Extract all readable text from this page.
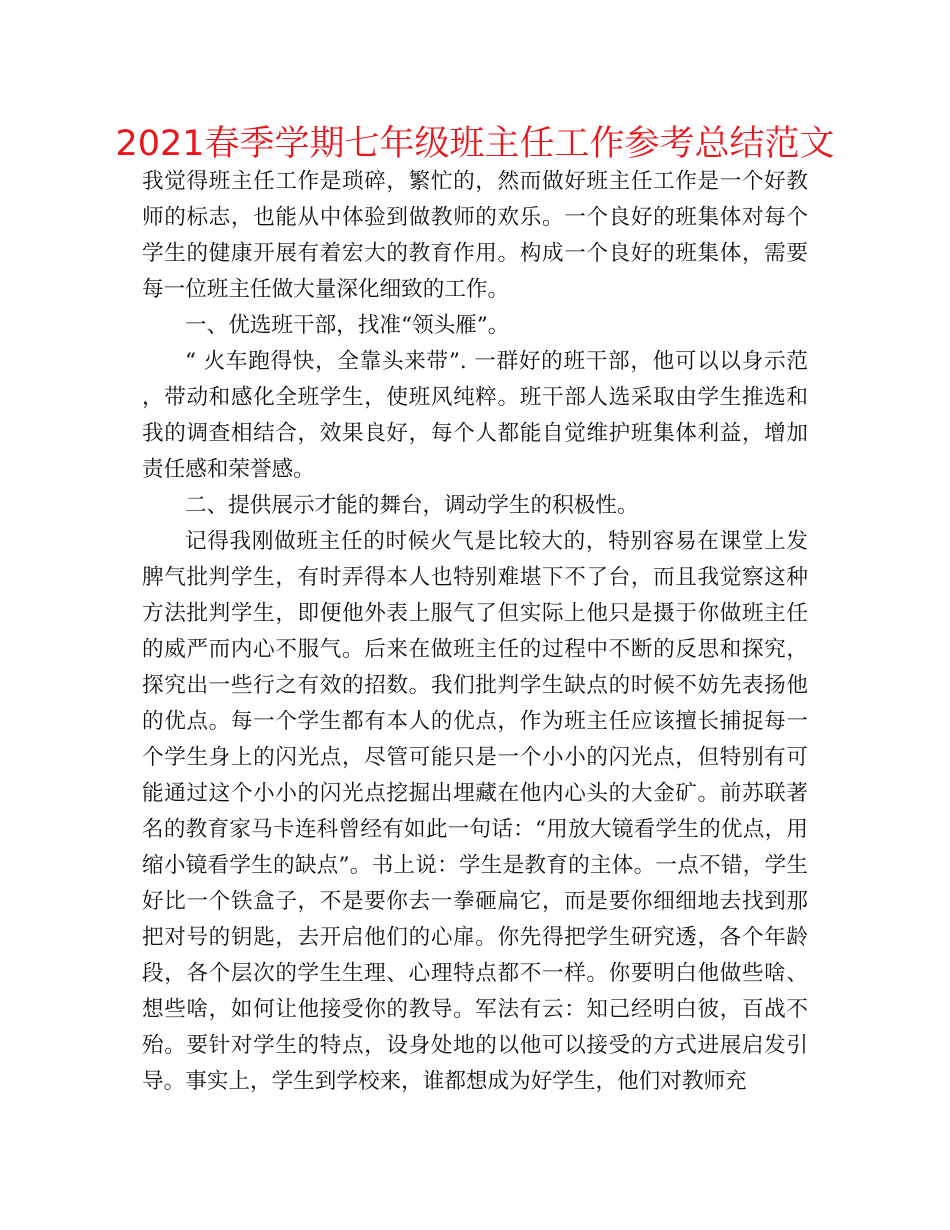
2021春季学期七年级班主任工作参考总结范文

我觉得班主任工作是琐碎，繁忙的，然而做好班主任工作是一个好教师的标志，也能从中体验到做教师的欢乐。一个良好的班集体对每个学生的健康开展有着宏大的教育作用。构成一个良好的班集体，需要每一位班主任做大量深化细致的工作。

一、优选班干部，找准“领头雁”。

“ 火车跑得快，全靠头来带”. 一群好的班干部，他可以以身示范，带动和感化全班学生，使班风纯粹。班干部人选采取由学生推选和我的调查相结合，效果良好，每个人都能自觉维护班集体利益，增加责任感和荣誉感。

二、提供展示才能的舞台，调动学生的积极性。

记得我刚做班主任的时候火气是比较大的，特别容易在课堂上发脾气批判学生，有时弄得本人也特别难堪下不了台，而且我觉察这种方法批判学生，即便他外表上服气了但实际上他只是摄于你做班主任的威严而内心不服气。后来在做班主任的过程中不断的反思和探究，探究出一些行之有效的招数。我们批判学生缺点的时候不妨先表扬他的优点。每一个学生都有本人的优点，作为班主任应该擅长捕捉每一个学生身上的闪光点，尽管可能只是一个小小的闪光点，但特别有可能通过这个小小的闪光点挖掘出埋藏在他内心头的大金矿。前苏联著名的教育家马卡连科曾经有如此一句话：“用放大镜看学生的优点，用缩小镜看学生的缺点”。书上说：学生是教育的主体。一点不错，学生好比一个铁盒子，不是要你去一拳砸扁它，而是要你细细地去找到那把对号的钥匙，去开启他们的心扉。你先得把学生研究透，各个年龄段，各个层次的学生生理、心理特点都不一样。你要明白他做些啥、想些啥，如何让他接受你的教导。军法有云：知己经明白彼，百战不殆。要针对学生的特点，设身处地的以他可以接受的方式进展启发引导。事实上，学生到学校来，谁都想成为好学生，他们对教师充
